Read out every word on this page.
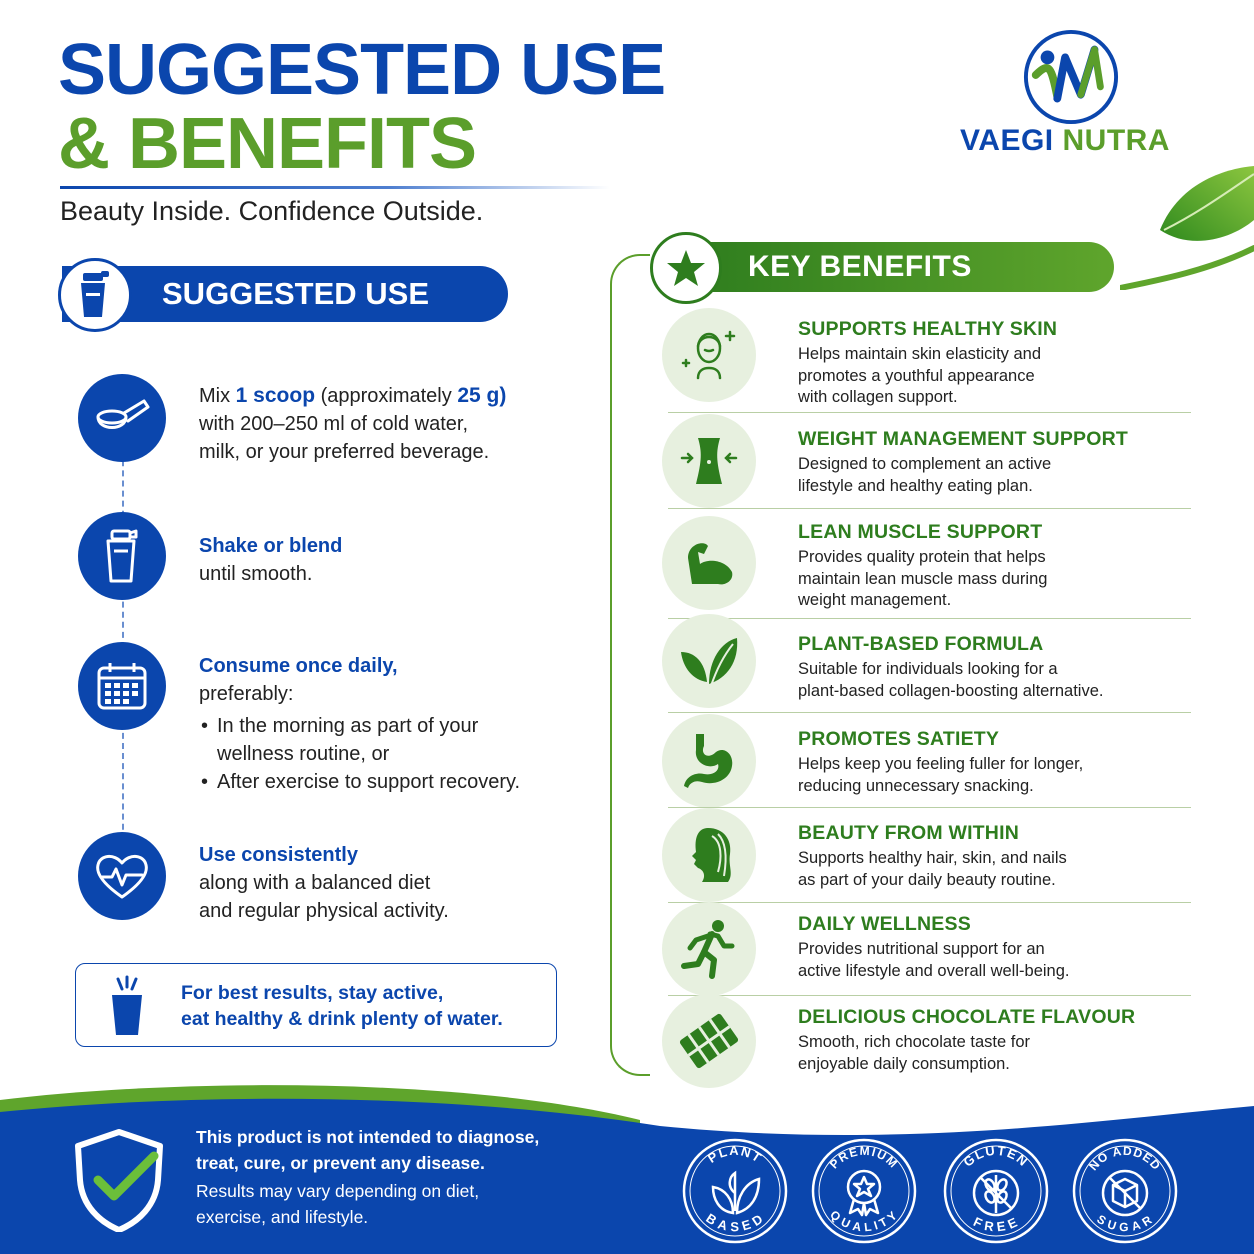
SUGGESTED USE
& BENEFITS
Beauty Inside. Confidence Outside.
VAEGI NUTRA
SUGGESTED USE
Mix 1 scoop (approximately 25 g)
with 200–250 ml of cold water,
milk, or your preferred beverage.
Shake or blend
until smooth.
Consume once daily,
preferably:
• In the morning as part of your wellness routine, or
• After exercise to support recovery.
Use consistently
along with a balanced diet
and regular physical activity.
For best results, stay active,
eat healthy & drink plenty of water.
KEY BENEFITS
SUPPORTS HEALTHY SKIN
Helps maintain skin elasticity and
promotes a youthful appearance
with collagen support.
WEIGHT MANAGEMENT SUPPORT
Designed to complement an active
lifestyle and healthy eating plan.
LEAN MUSCLE SUPPORT
Provides quality protein that helps
maintain lean muscle mass during
weight management.
PLANT-BASED FORMULA
Suitable for individuals looking for a
plant-based collagen-boosting alternative.
PROMOTES SATIETY
Helps keep you feeling fuller for longer,
reducing unnecessary snacking.
BEAUTY FROM WITHIN
Supports healthy hair, skin, and nails
as part of your daily beauty routine.
DAILY WELLNESS
Provides nutritional support for an
active lifestyle and overall well-being.
DELICIOUS CHOCOLATE FLAVOUR
Smooth, rich chocolate taste for
enjoyable daily consumption.
This product is not intended to diagnose,
treat, cure, or prevent any disease.
Results may vary depending on diet,
exercise, and lifestyle.
PLANT
BASED
PREMIUM
QUALITY
GLUTEN
FREE
NO ADDED
SUGAR
